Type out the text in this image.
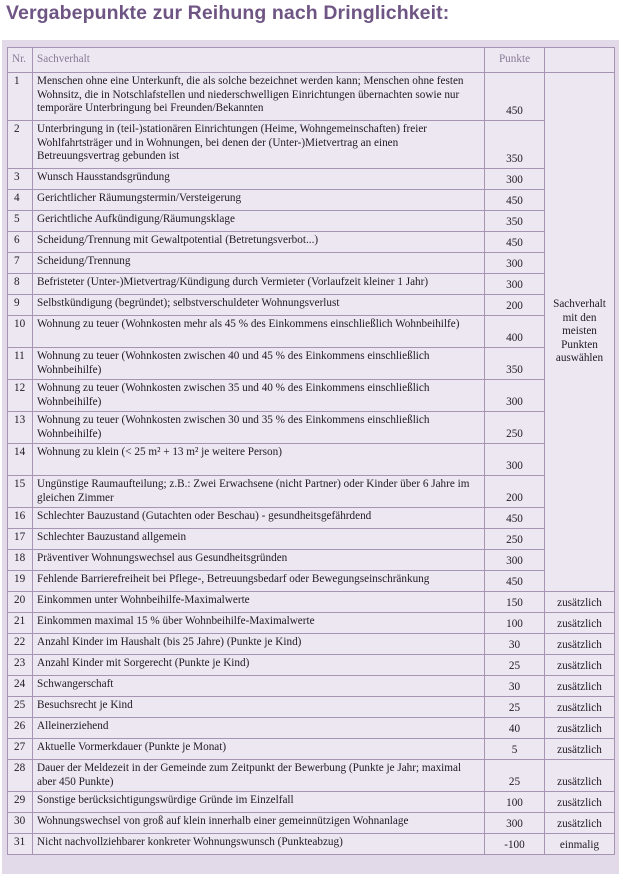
Vergabepunkte zur Reihung nach Dringlichkeit:
Nr.	Sachverhalt	Punkte	
1	Menschen ohne eine Unterkunft, die als solche bezeichnet werden kann; Menschen ohne festen Wohnsitz, die in Notschlafstellen und niederschwelligen Einrichtungen übernachten sowie nur temporäre Unterbringung bei Freunden/Bekannten	450	Sachverhalt mit den meisten Punkten auswählen
2	Unterbringung in (teil-)stationären Einrichtungen (Heime, Wohngemeinschaften) freier Wohlfahrtsträger und in Wohnungen, bei denen der (Unter-)Mietvertrag an einen Betreuungsvertrag gebunden ist	350	
3	Wunsch Hausstandsgründung	300	
4	Gerichtlicher Räumungstermin/Versteigerung	450	
5	Gerichtliche Aufkündigung/Räumungsklage	350	
6	Scheidung/Trennung mit Gewaltpotential (Betretungsverbot...)	450	
7	Scheidung/Trennung	300	
8	Befristeter (Unter-)Mietvertrag/Kündigung durch Vermieter (Vorlaufzeit kleiner 1 Jahr)	300	
9	Selbstkündigung (begründet); selbstverschuldeter Wohnungsverlust	200	
10	Wohnung zu teuer (Wohnkosten mehr als 45 % des Einkommens einschließlich Wohnbeihilfe)	400	
11	Wohnung zu teuer (Wohnkosten zwischen 40 und 45 % des Einkommens einschließlich Wohnbeihilfe)	350	
12	Wohnung zu teuer (Wohnkosten zwischen 35 und 40 % des Einkommens einschließlich Wohnbeihilfe)	300	
13	Wohnung zu teuer (Wohnkosten zwischen 30 und 35 % des Einkommens einschließlich Wohnbeihilfe)	250	
14	Wohnung zu klein (< 25 m² + 13 m² je weitere Person)	300	
15	Ungünstige Raumaufteilung; z.B.: Zwei Erwachsene (nicht Partner) oder Kinder über 6 Jahre im gleichen Zimmer	200	
16	Schlechter Bauzustand (Gutachten oder Beschau) - gesundheitsgefährdend	450	
17	Schlechter Bauzustand allgemein	250	
18	Präventiver Wohnungswechsel aus Gesundheitsgründen	300	
19	Fehlende Barrierefreiheit bei Pflege-, Betreuungsbedarf oder Bewegungseinschränkung	450	
20	Einkommen unter Wohnbeihilfe-Maximalwerte	150	zusätzlich
21	Einkommen maximal 15 % über Wohnbeihilfe-Maximalwerte	100	zusätzlich
22	Anzahl Kinder im Haushalt (bis 25 Jahre) (Punkte je Kind)	30	zusätzlich
23	Anzahl Kinder mit Sorgerecht (Punkte je Kind)	25	zusätzlich
24	Schwangerschaft	30	zusätzlich
25	Besuchsrecht je Kind	25	zusätzlich
26	Alleinerziehend	40	zusätzlich
27	Aktuelle Vormerkdauer (Punkte je Monat)	5	zusätzlich
28	Dauer der Meldezeit in der Gemeinde zum Zeitpunkt der Bewerbung (Punkte je Jahr; maximal aber 450 Punkte)	25	zusätzlich
29	Sonstige berücksichtigungswürdige Gründe im Einzelfall	100	zusätzlich
30	Wohnungswechsel von groß auf klein innerhalb einer gemeinnützigen Wohnanlage	300	zusätzlich
31	Nicht nachvollziehbarer konkreter Wohnungswunsch (Punkteabzug)	-100	einmalig
